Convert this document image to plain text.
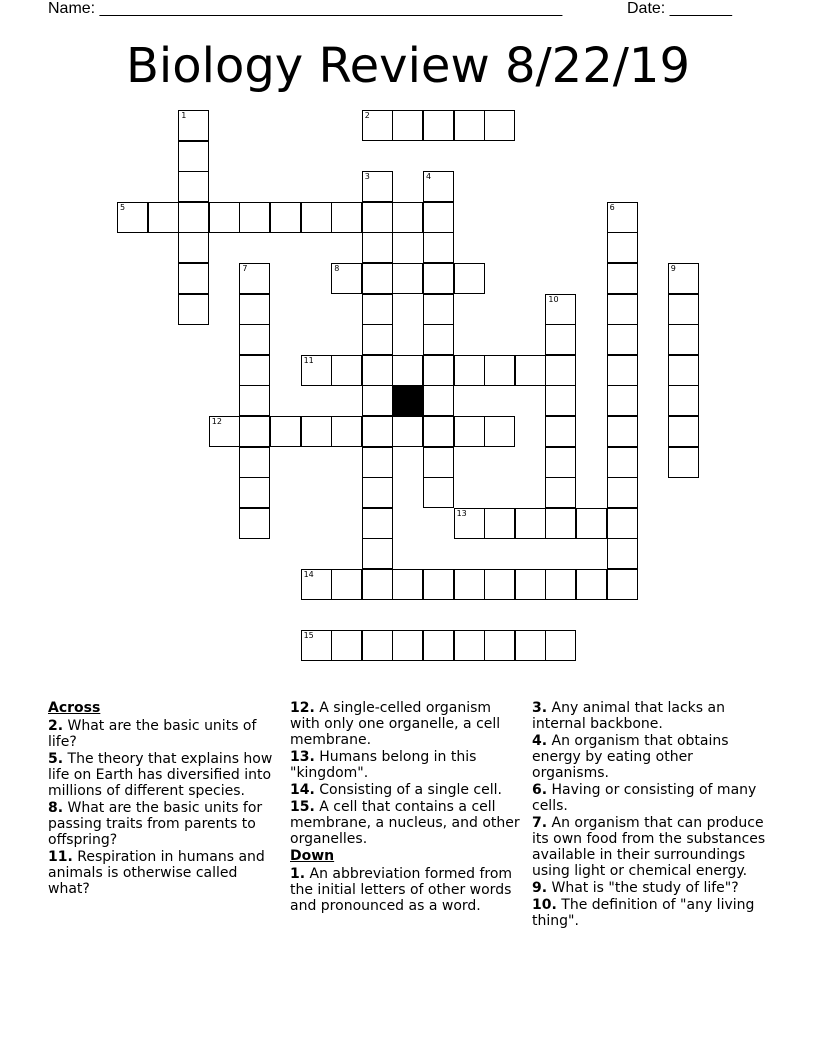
Name: ____________________________________________________	Date: _______
Biology Review 8/22/19
1	2
3	4
5	6
7	8	9
10
11
12
13
14
15
Across
2. What are the basic units of life?
5. The theory that explains how life on Earth has diversified into millions of different species.
8. What are the basic units for passing traits from parents to offspring?
11. Respiration in humans and animals is otherwise called what?
12. A single-celled organism with only one organelle, a cell membrane.
13. Humans belong in this "kingdom".
14. Consisting of a single cell.
15. A cell that contains a cell membrane, a nucleus, and other organelles.
Down
1. An abbreviation formed from the initial letters of other words and pronounced as a word.
3. Any animal that lacks an internal backbone.
4. An organism that obtains energy by eating other organisms.
6. Having or consisting of many cells.
7. An organism that can produce its own food from the substances available in their surroundings using light or chemical energy.
9. What is "the study of life"?
10. The definition of "any living thing".
